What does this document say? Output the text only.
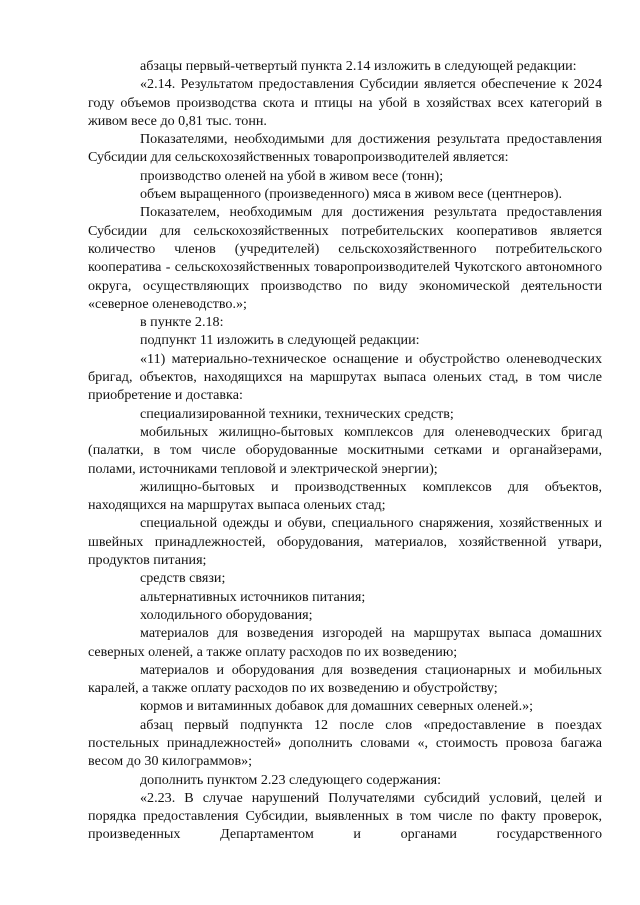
абзацы первый-четвертый пункта 2.14 изложить в следующей редакции:

«2.14. Результатом предоставления Субсидии является обеспечение к 2024 году объемов производства скота и птицы на убой в хозяйствах всех категорий в живом весе до 0,81 тыс. тонн.

Показателями, необходимыми для достижения результата предоставления Субсидии для сельскохозяйственных товаропроизводителей является:

производство оленей на убой в живом весе (тонн);

объем выращенного (произведенного) мяса в живом весе (центнеров).

Показателем, необходимым для достижения результата предоставления Субсидии для сельскохозяйственных потребительских кооперативов является количество членов (учредителей) сельскохозяйственного потребительского кооператива - сельскохозяйственных товаропроизводителей Чукотского автономного округа, осуществляющих производство по виду экономической деятельности «северное оленеводство.»;

в пункте 2.18:

подпункт 11 изложить в следующей редакции:

«11) материально-техническое оснащение и обустройство оленеводческих бригад, объектов, находящихся на маршрутах выпаса оленьих стад, в том числе приобретение и доставка:

специализированной техники, технических средств;

мобильных жилищно-бытовых комплексов для оленеводческих бригад (палатки, в том числе оборудованные москитными сетками и органайзерами, полами, источниками тепловой и электрической энергии);

жилищно-бытовых и производственных комплексов для объектов, находящихся на маршрутах выпаса оленьих стад;

специальной одежды и обуви, специального снаряжения, хозяйственных и швейных принадлежностей, оборудования, материалов, хозяйственной утвари, продуктов питания;

средств связи;

альтернативных источников питания;

холодильного оборудования;

материалов для возведения изгородей на маршрутах выпаса домашних северных оленей, а также оплату расходов по их возведению;

материалов и оборудования для возведения стационарных и мобильных каралей, а также оплату расходов по их возведению и обустройству;

кормов и витаминных добавок для домашних северных оленей.»;

абзац первый подпункта 12 после слов «предоставление в поездах постельных принадлежностей» дополнить словами «, стоимость провоза багажа весом до 30 килограммов»;

дополнить пунктом 2.23 следующего содержания:

«2.23. В случае нарушений Получателями субсидий условий, целей и порядка предоставления Субсидии, выявленных в том числе по факту проверок, произведенных Департаментом и органами государственного
